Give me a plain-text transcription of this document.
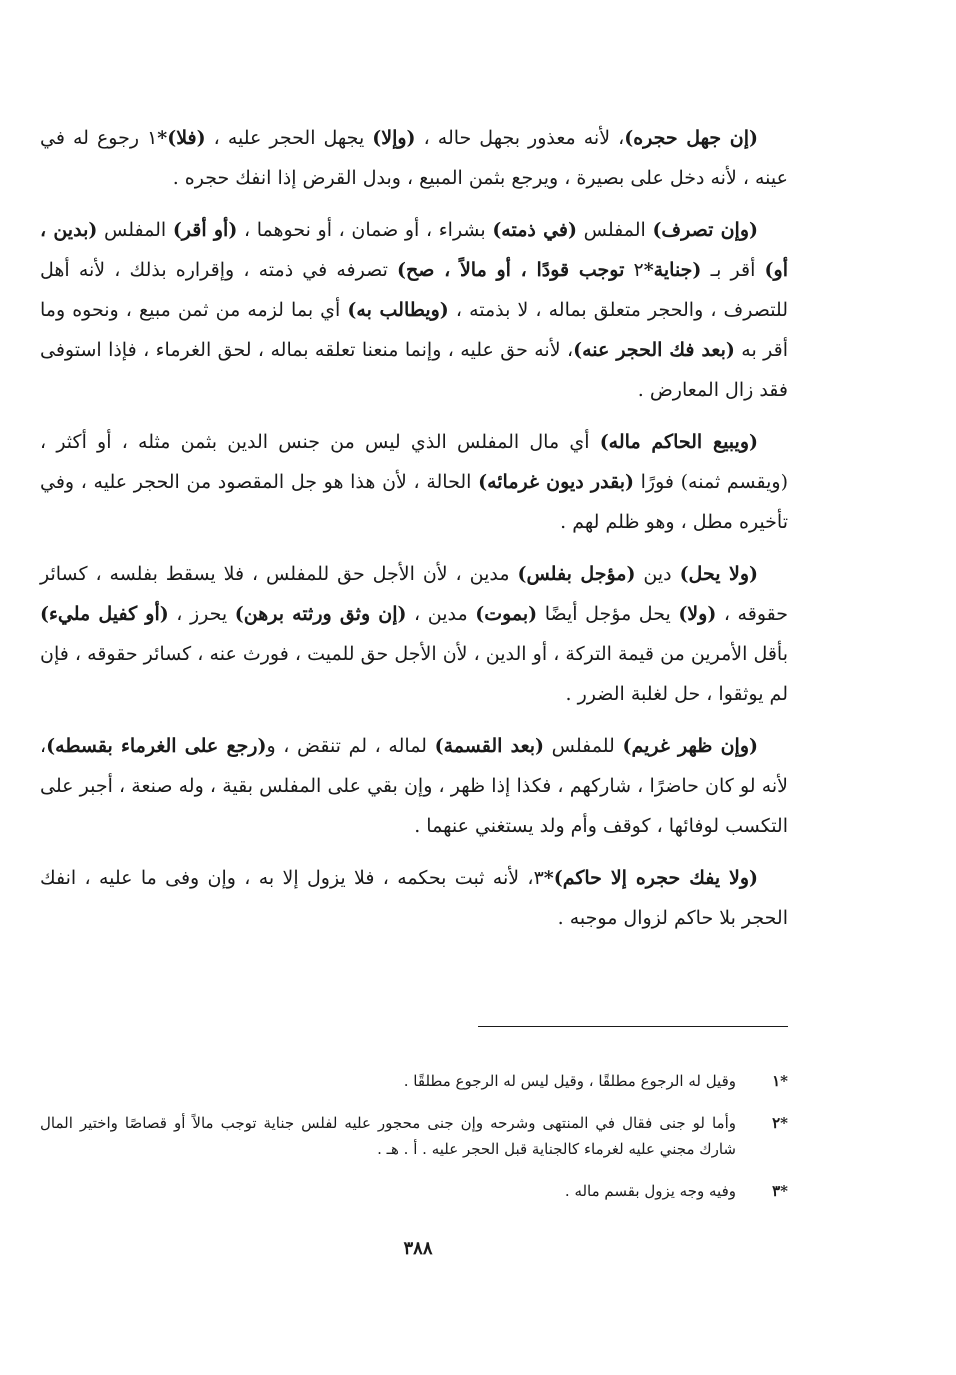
(إن جهل حجره)، لأنه معذور بجهل حاله ، (وإلا) يجهل الحجر عليه ، (فلا)*١ رجوع له في عينه ، لأنه دخل على بصيرة ، ويرجع بثمن المبيع ، وبدل القرض إذا انفك حجره .

(وإن تصرف) المفلس (في ذمته) بشراء ، أو ضمان ، أو نحوهما ، (أو أقر) المفلس (بدين ، أو) أقر بـ (جناية*٢ توجب قودًا ، أو مالاً ، صح) تصرفه في ذمته ، وإقراره بذلك ، لأنه أهل للتصرف ، والحجر متعلق بماله ، لا بذمته ، (ويطالب به) أي بما لزمه من ثمن مبيع ، ونحوه وما أقر به (بعد فك الحجر عنه)، لأنه حق عليه ، وإنما منعنا تعلقه بماله ، لحق الغرماء ، فإذا استوفى فقد زال المعارض .

(ويبيع الحاكم ماله) أي مال المفلس الذي ليس من جنس الدين بثمن مثله ، أو أكثر ، (ويقسم ثمنه) فورًا (بقدر ديون غرمائه) الحالة ، لأن هذا هو جل المقصود من الحجر عليه ، وفي تأخيره مطل ، وهو ظلم لهم .

(ولا يحل) دين (مؤجل بفلس) مدين ، لأن الأجل حق للمفلس ، فلا يسقط بفلسه ، كسائر حقوقه ، (ولا) يحل مؤجل أيضًا (بموت) مدين ، (إن وثق ورثته برهن) يحرز ، (أو كفيل مليء) بأقل الأمرين من قيمة التركة ، أو الدين ، لأن الأجل حق للميت ، فورث عنه ، كسائر حقوقه ، فإن لم يوثقوا ، حل لغلبة الضرر .

(وإن ظهر غريم) للمفلس (بعد القسمة) لماله ، لم تنقض ، و(رجع على الغرماء بقسطه)، لأنه لو كان حاضرًا ، شاركهم ، فكذا إذا ظهر ، وإن بقي على المفلس بقية ، وله صنعة ، أجبر على التكسب لوفائها ، كوقف وأم ولد يستغني عنهما .

(ولا يفك حجره إلا حاكم)*٣، لأنه ثبت بحكمه ، فلا يزول إلا به ، وإن وفى ما عليه ، انفك الحجر بلا حاكم لزوال موجبه .

*١
وقيل له الرجوع مطلقًا ، وقيل ليس له الرجوع مطلقًا .
*٢
وأما لو جنى فقال في المنتهى وشرحه وإن جنى محجور عليه لفلس جناية توجب مالاً أو قصاصًا واختير المال شارك مجني عليه لغرماء كالجناية قبل الحجر عليه . أ . هـ .
*٣
وفيه وجه يزول بقسم ماله .
٣٨٨
